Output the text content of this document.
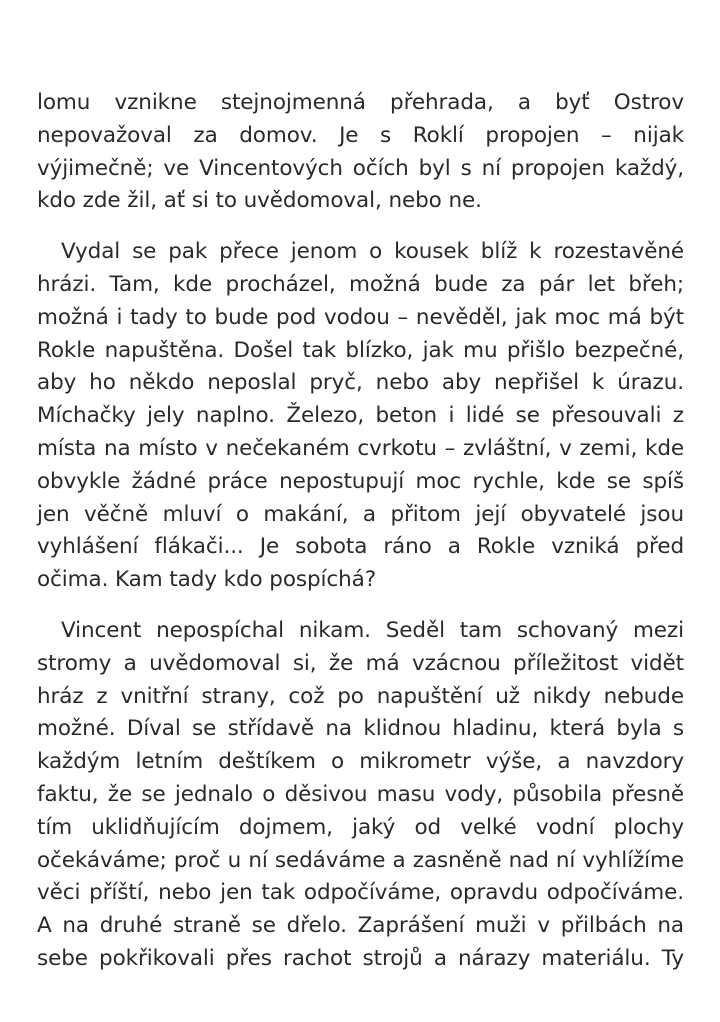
lomu vznikne stejnojmenná přehrada, a byť Ostrov
nepovažoval za domov. Je s Roklí propojen – nijak
výjimečně; ve Vincentových očích byl s ní propojen každý,
kdo zde žil, ať si to uvědomoval, nebo ne.

Vydal se pak přece jenom o kousek blíž k rozestavěné
hrázi. Tam, kde procházel, možná bude za pár let břeh;
možná i tady to bude pod vodou – nevěděl, jak moc má být
Rokle napuštěna. Došel tak blízko, jak mu přišlo bezpečné,
aby ho někdo neposlal pryč, nebo aby nepřišel k úrazu.
Míchačky jely naplno. Železo, beton i lidé se přesouvali z
místa na místo v nečekaném cvrkotu – zvláštní, v zemi, kde
obvykle žádné práce nepostupují moc rychle, kde se spíš
jen věčně mluví o makání, a přitom její obyvatelé jsou
vyhlášení flákači... Je sobota ráno a Rokle vzniká před
očima. Kam tady kdo pospíchá?

Vincent nepospíchal nikam. Seděl tam schovaný mezi
stromy a uvědomoval si, že má vzácnou příležitost vidět
hráz z vnitřní strany, což po napuštění už nikdy nebude
možné. Díval se střídavě na klidnou hladinu, která byla s
každým letním deštíkem o mikrometr výše, a navzdory
faktu, že se jednalo o děsivou masu vody, působila přesně
tím uklidňujícím dojmem, jaký od velké vodní plochy
očekáváme; proč u ní sedáváme a zasněně nad ní vyhlížíme
věci příští, nebo jen tak odpočíváme, opravdu odpočíváme.
A na druhé straně se dřelo. Zaprášení muži v přilbách na
sebe pokřikovali přes rachot strojů a nárazy materiálu. Ty
